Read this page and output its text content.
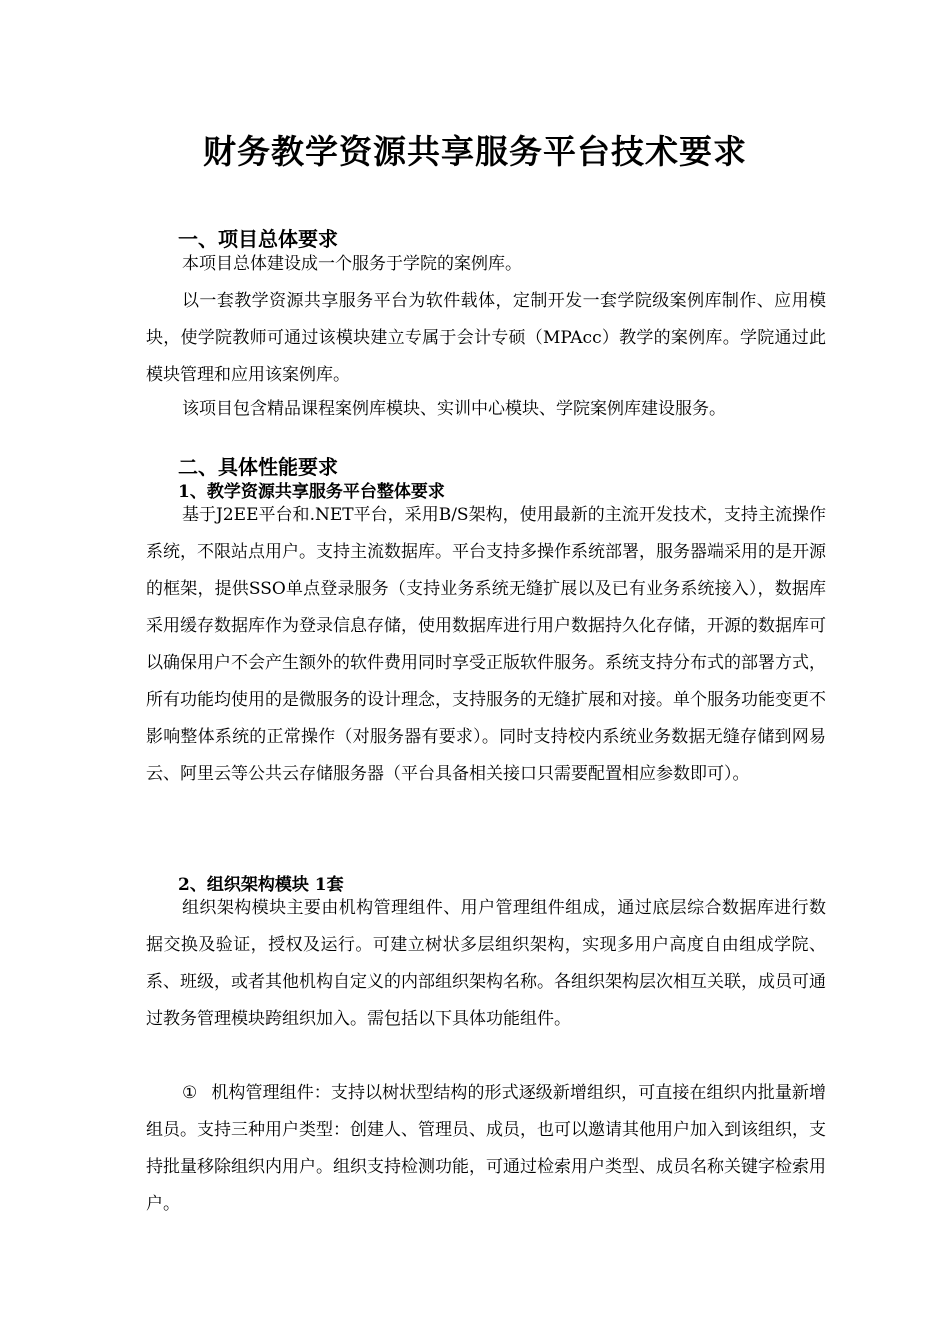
财务教学资源共享服务平台技术要求
一、项目总体要求

本项目总体建设成一个服务于学院的案例库。

以一套教学资源共享服务平台为软件载体，定制开发一套学院级案例库制作、应用模块，使学院教师可通过该模块建立专属于会计专硕（MPAcc）教学的案例库。学院通过此模块管理和应用该案例库。

该项目包含精品课程案例库模块、实训中心模块、学院案例库建设服务。

二、具体性能要求
1、教学资源共享服务平台整体要求

基于J2EE平台和.NET平台，采用B/S架构，使用最新的主流开发技术，支持主流操作系统，不限站点用户。支持主流数据库。平台支持多操作系统部署，服务器端采用的是开源的框架，提供SSO单点登录服务（支持业务系统无缝扩展以及已有业务系统接入），数据库采用缓存数据库作为登录信息存储，使用数据库进行用户数据持久化存储，开源的数据库可以确保用户不会产生额外的软件费用同时享受正版软件服务。系统支持分布式的部署方式，所有功能均使用的是微服务的设计理念，支持服务的无缝扩展和对接。单个服务功能变更不影响整体系统的正常操作（对服务器有要求）。同时支持校内系统业务数据无缝存储到网易云、阿里云等公共云存储服务器（平台具备相关接口只需要配置相应参数即可）。

2、组织架构模块 1套

组织架构模块主要由机构管理组件、用户管理组件组成，通过底层综合数据库进行数据交换及验证，授权及运行。可建立树状多层组织架构，实现多用户高度自由组成学院、系、班级，或者其他机构自定义的内部组织架构名称。各组织架构层次相互关联，成员可通过教务管理模块跨组织加入。需包括以下具体功能组件。

① 机构管理组件：支持以树状型结构的形式逐级新增组织，可直接在组织内批量新增组员。支持三种用户类型：创建人、管理员、成员，也可以邀请其他用户加入到该组织，支持批量移除组织内用户。组织支持检测功能，可通过检索用户类型、成员名称关键字检索用户。
